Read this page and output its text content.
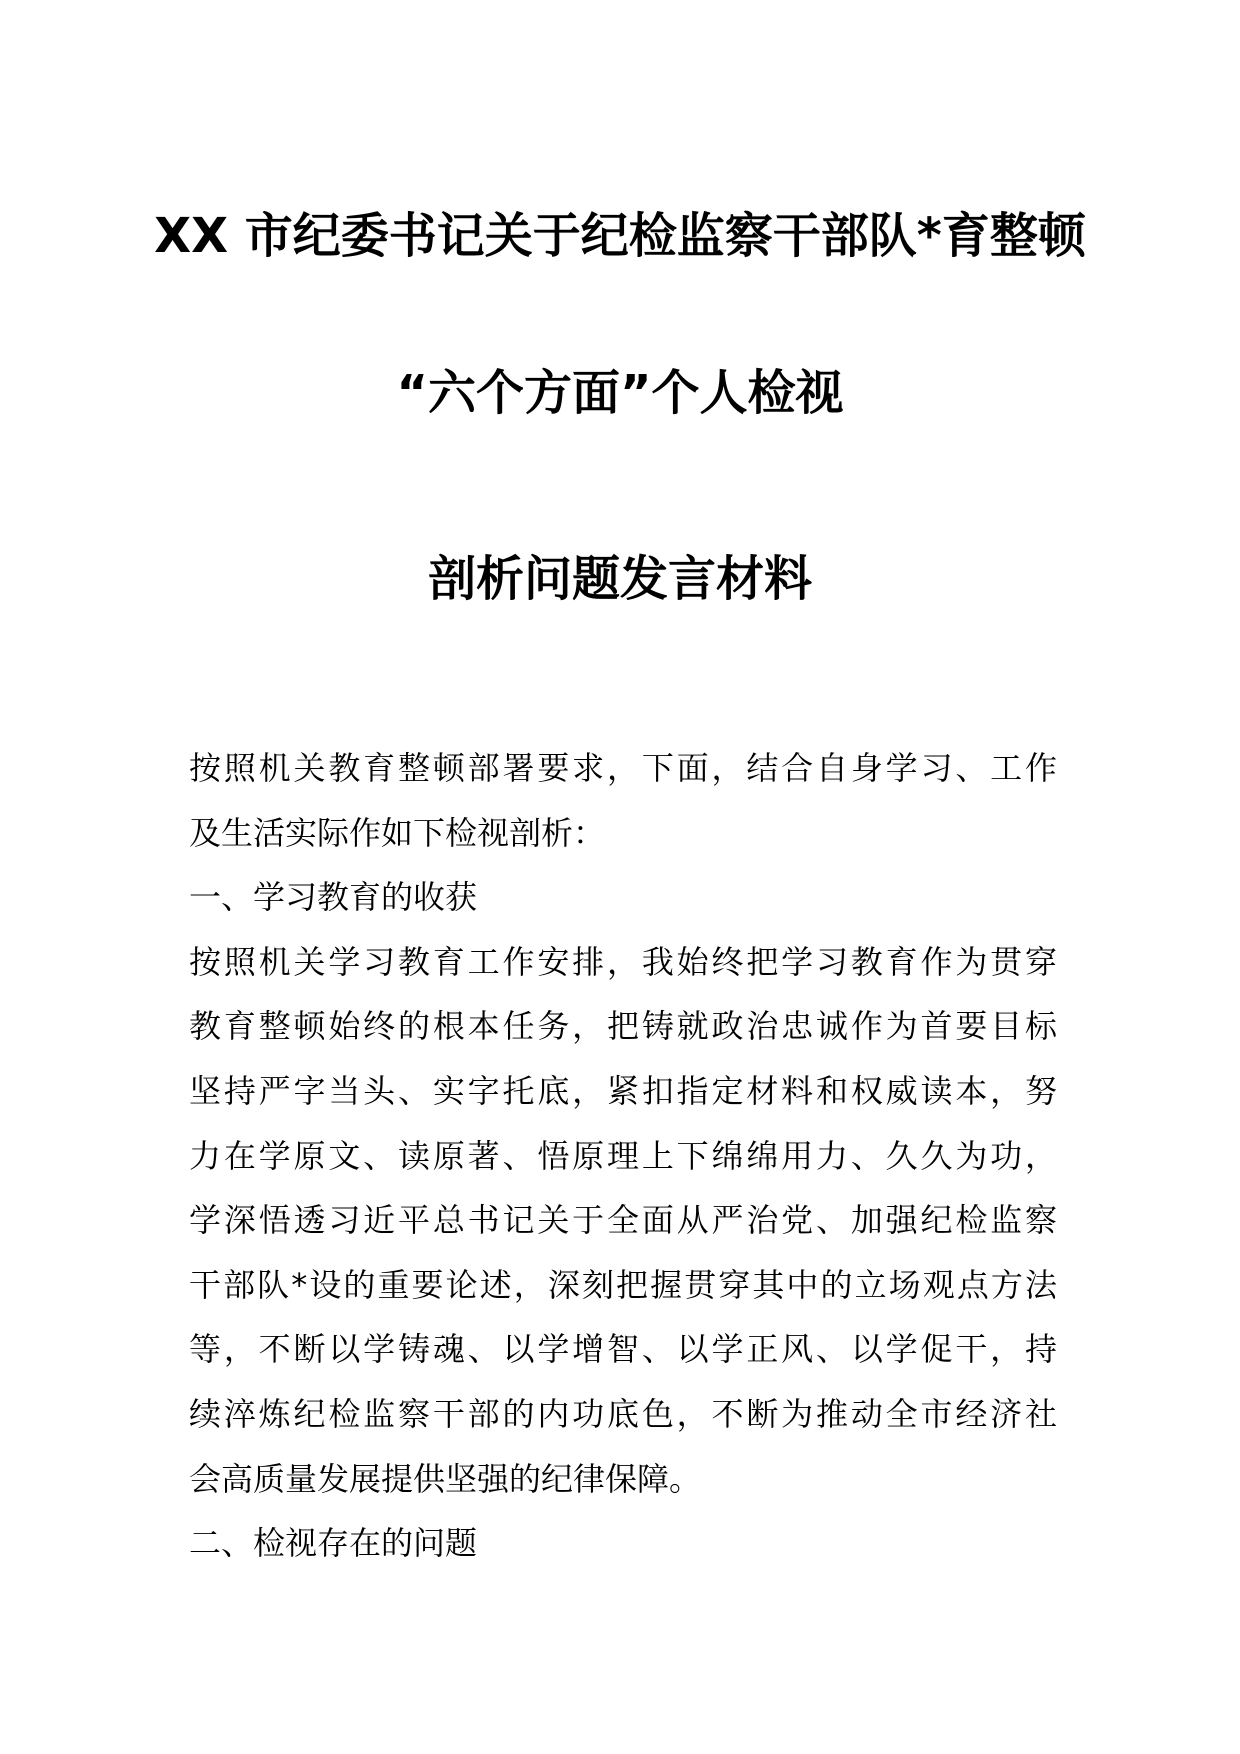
XX 市纪委书记关于纪检监察干部队*育整顿
“六个方面”个人检视
剖析问题发言材料
按照机关教育整顿部署要求，下面，结合自身学习、工作
及生活实际作如下检视剖析：
一、学习教育的收获
按照机关学习教育工作安排，我始终把学习教育作为贯穿
教育整顿始终的根本任务，把铸就政治忠诚作为首要目标
坚持严字当头、实字托底，紧扣指定材料和权威读本，努
力在学原文、读原著、悟原理上下绵绵用力、久久为功，
学深悟透习近平总书记关于全面从严治党、加强纪检监察
干部队*设的重要论述，深刻把握贯穿其中的立场观点方法
等，不断以学铸魂、以学增智、以学正风、以学促干，持
续淬炼纪检监察干部的内功底色，不断为推动全市经济社
会高质量发展提供坚强的纪律保障。
二、检视存在的问题
